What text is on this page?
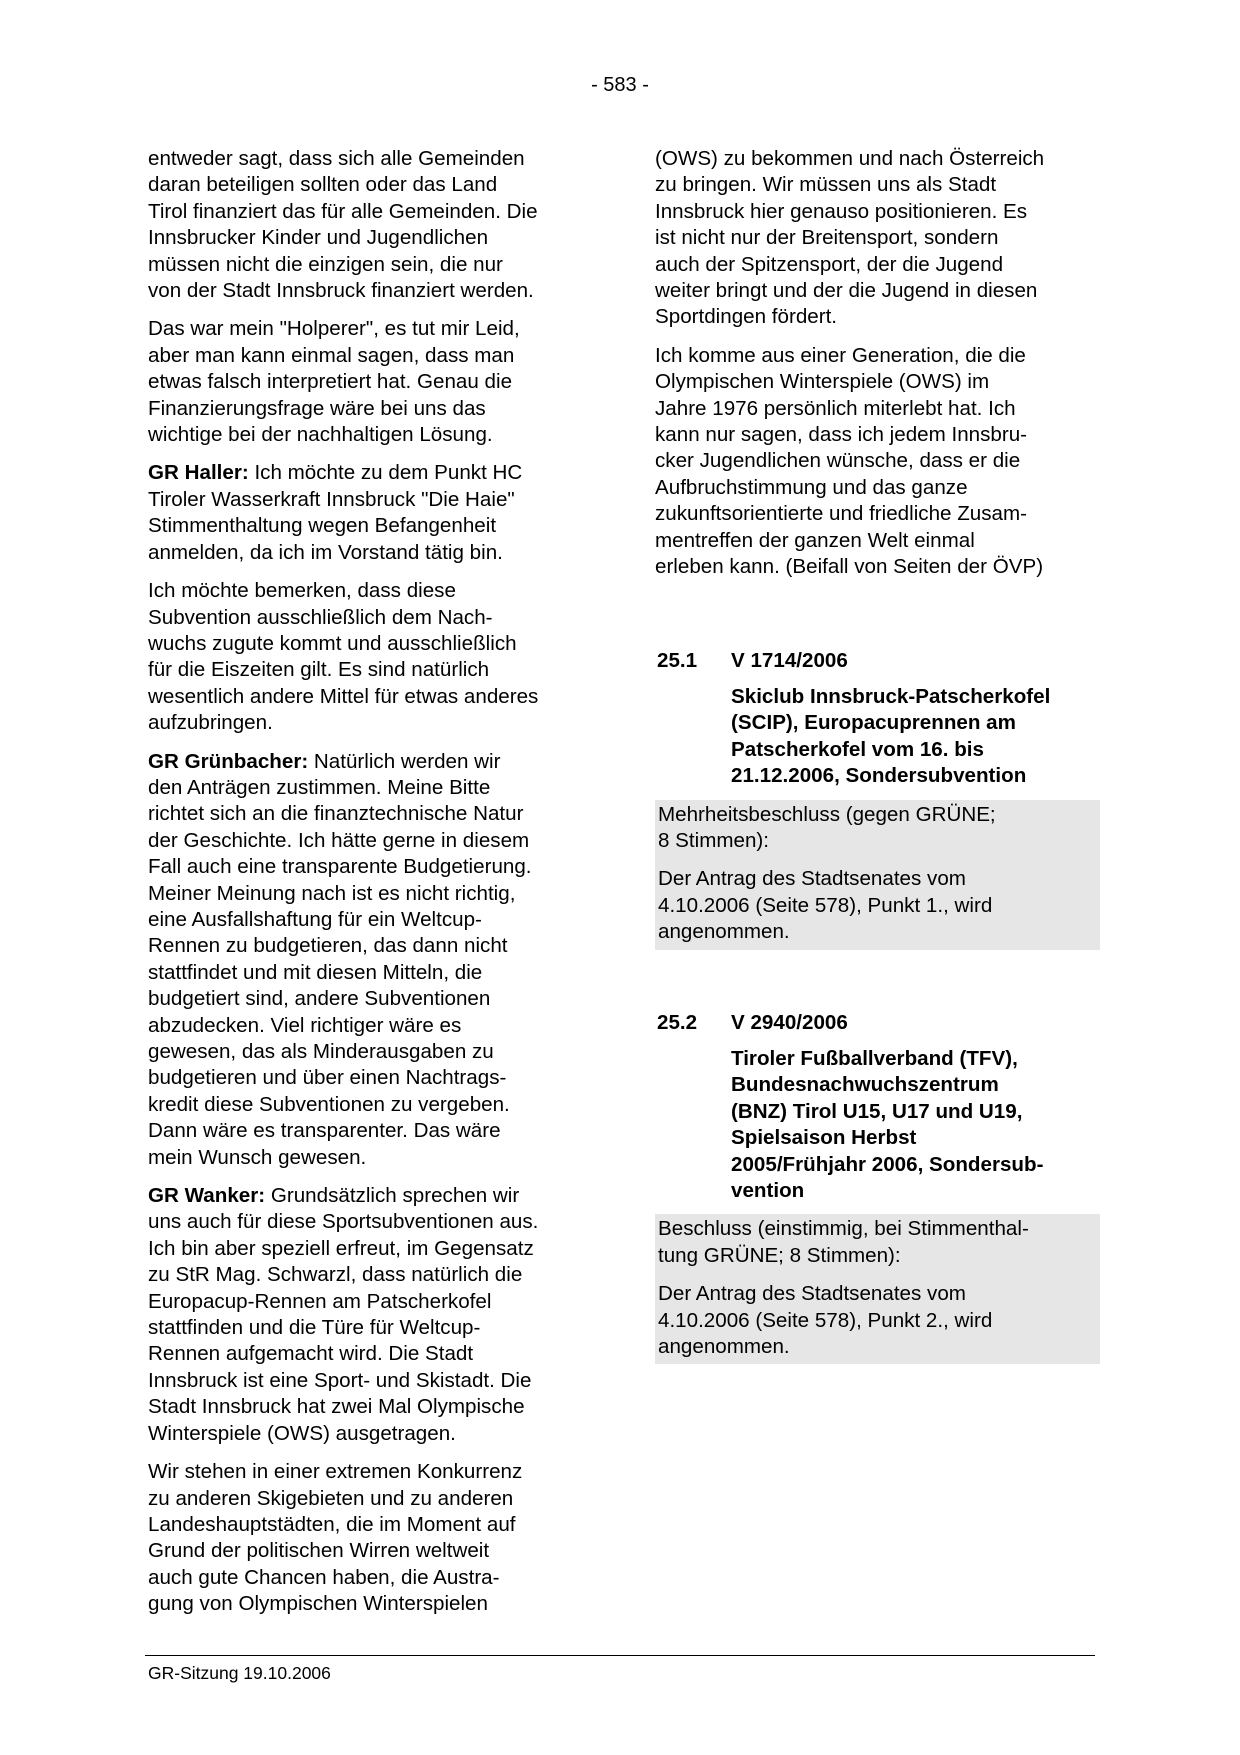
- 583 -
entweder sagt, dass sich alle Gemeinden
daran beteiligen sollten oder das Land
Tirol finanziert das für alle Gemeinden. Die
Innsbrucker Kinder und Jugendlichen
müssen nicht die einzigen sein, die nur
von der Stadt Innsbruck finanziert werden.
Das war mein "Holperer", es tut mir Leid,
aber man kann einmal sagen, dass man
etwas falsch interpretiert hat. Genau die
Finanzierungsfrage wäre bei uns das
wichtige bei der nachhaltigen Lösung.
GR Haller: Ich möchte zu dem Punkt HC
Tiroler Wasserkraft Innsbruck "Die Haie"
Stimmenthaltung wegen Befangenheit
anmelden, da ich im Vorstand tätig bin.
Ich möchte bemerken, dass diese
Subvention ausschließlich dem Nach-
wuchs zugute kommt und ausschließlich
für die Eiszeiten gilt. Es sind natürlich
wesentlich andere Mittel für etwas anderes
aufzubringen.
GR Grünbacher: Natürlich werden wir
den Anträgen zustimmen. Meine Bitte
richtet sich an die finanztechnische Natur
der Geschichte. Ich hätte gerne in diesem
Fall auch eine transparente Budgetierung.
Meiner Meinung nach ist es nicht richtig,
eine Ausfallshaftung für ein Weltcup-
Rennen zu budgetieren, das dann nicht
stattfindet und mit diesen Mitteln, die
budgetiert sind, andere Subventionen
abzudecken. Viel richtiger wäre es
gewesen, das als Minderausgaben zu
budgetieren und über einen Nachtrags-
kredit diese Subventionen zu vergeben.
Dann wäre es transparenter. Das wäre
mein Wunsch gewesen.
GR Wanker: Grundsätzlich sprechen wir
uns auch für diese Sportsubventionen aus.
Ich bin aber speziell erfreut, im Gegensatz
zu StR Mag. Schwarzl, dass natürlich die
Europacup-Rennen am Patscherkofel
stattfinden und die Türe für Weltcup-
Rennen aufgemacht wird. Die Stadt
Innsbruck ist eine Sport- und Skistadt. Die
Stadt Innsbruck hat zwei Mal Olympische
Winterspiele (OWS) ausgetragen.
Wir stehen in einer extremen Konkurrenz
zu anderen Skigebieten und zu anderen
Landeshauptstädten, die im Moment auf
Grund der politischen Wirren weltweit
auch gute Chancen haben, die Austra-
gung von Olympischen Winterspielen
(OWS) zu bekommen und nach Österreich
zu bringen. Wir müssen uns als Stadt
Innsbruck hier genauso positionieren. Es
ist nicht nur der Breitensport, sondern
auch der Spitzensport, der die Jugend
weiter bringt und der die Jugend in diesen
Sportdingen fördert.
Ich komme aus einer Generation, die die
Olympischen Winterspiele (OWS) im
Jahre 1976 persönlich miterlebt hat. Ich
kann nur sagen, dass ich jedem Innsbru-
cker Jugendlichen wünsche, dass er die
Aufbruchstimmung und das ganze
zukunftsorientierte und friedliche Zusam-
mentreffen der ganzen Welt einmal
erleben kann. (Beifall von Seiten der ÖVP)
25.1 V 1714/2006
Skiclub Innsbruck-Patscherkofel
(SCIP), Europacuprennen am
Patscherkofel vom 16. bis
21.12.2006, Sondersubvention
Mehrheitsbeschluss (gegen GRÜNE;
8 Stimmen):
Der Antrag des Stadtsenates vom
4.10.2006 (Seite 578), Punkt 1., wird
angenommen.
25.2 V 2940/2006
Tiroler Fußballverband (TFV),
Bundesnachwuchszentrum
(BNZ) Tirol U15, U17 und U19,
Spielsaison Herbst
2005/Frühjahr 2006, Sondersub-
vention
Beschluss (einstimmig, bei Stimmenthal-
tung GRÜNE; 8 Stimmen):
Der Antrag des Stadtsenates vom
4.10.2006 (Seite 578), Punkt 2., wird
angenommen.
GR-Sitzung 19.10.2006
